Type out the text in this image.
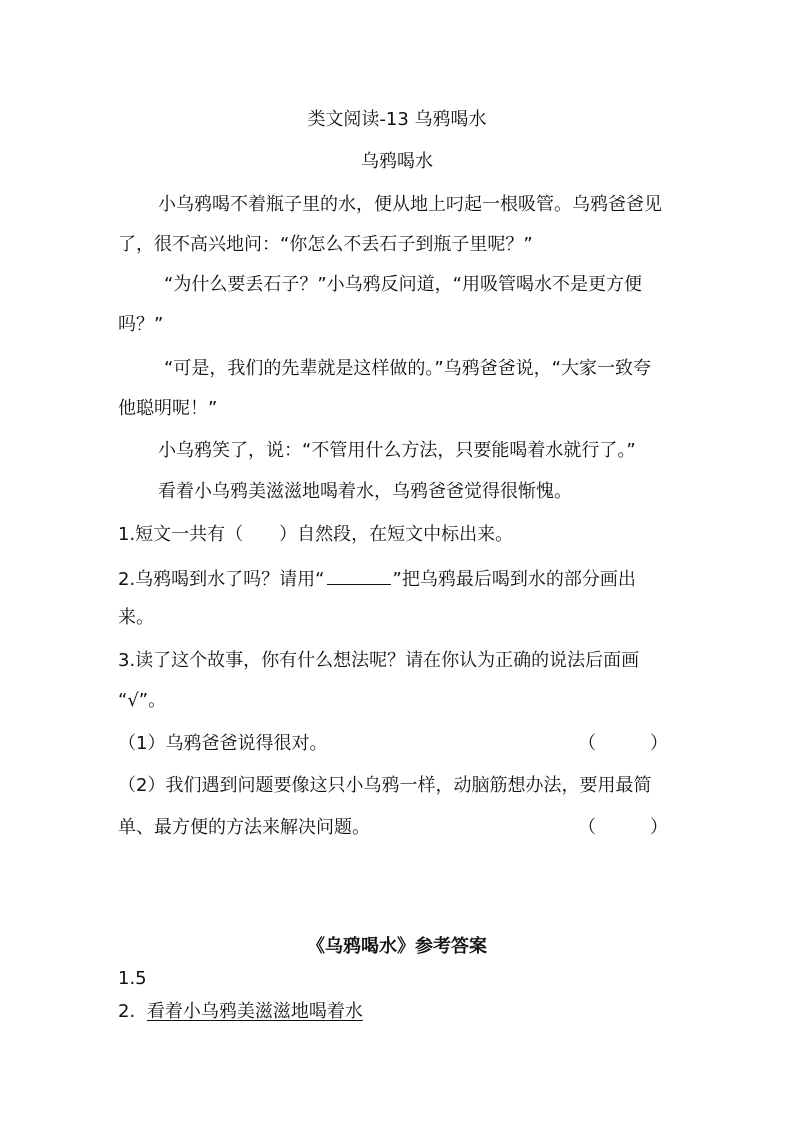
类文阅读-13 乌鸦喝水
乌鸦喝水
小乌鸦喝不着瓶子里的水，便从地上叼起一根吸管。乌鸦爸爸见
了，很不高兴地问：“你怎么不丢石子到瓶子里呢？”
“为什么要丢石子？”小乌鸦反问道，“用吸管喝水不是更方便
吗？”
“可是，我们的先辈就是这样做的。”乌鸦爸爸说，“大家一致夸
他聪明呢！”
小乌鸦笑了，说：“不管用什么方法，只要能喝着水就行了。”
看着小乌鸦美滋滋地喝着水，乌鸦爸爸觉得很惭愧。
1.短文一共有（　　）自然段，在短文中标出来。
2.乌鸦喝到水了吗？请用“	”把乌鸦最后喝到水的部分画出
来。
3.读了这个故事，你有什么想法呢？请在你认为正确的说法后面画
“√”。
（1）乌鸦爸爸说得很对。	（　　　）
（2）我们遇到问题要像这只小乌鸦一样，动脑筋想办法，要用最简
单、最方便的方法来解决问题。	（　　　）
《乌鸦喝水》参考答案
1.5
2. 看着小乌鸦美滋滋地喝着水
